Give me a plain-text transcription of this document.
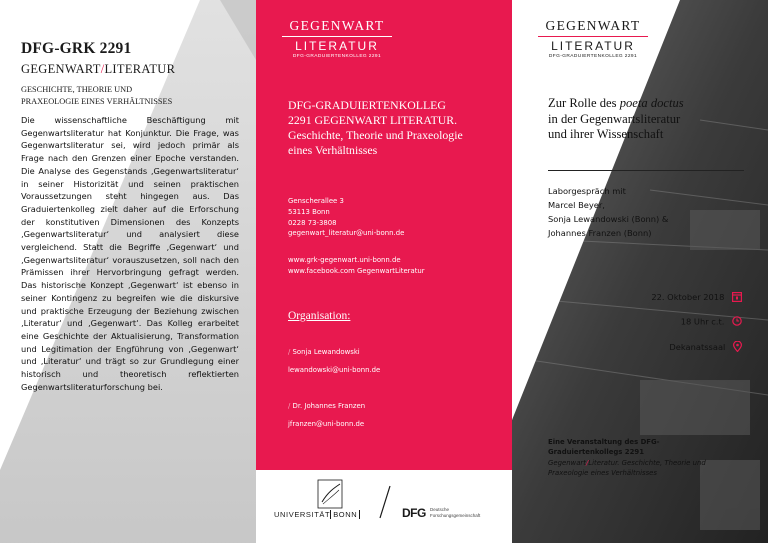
DFG-GRK 2291
GEGENWART/LITERATUR
GESCHICHTE, THEORIE UND
PRAXEOLOGIE EINES VERHÄLTNISSES
Die wissenschaftliche Beschäftigung mit Gegenwartsliteratur hat Konjunktur. Die Frage, was Gegenwartsliteratur sei, wird jedoch primär als Frage nach den Grenzen einer Epoche verstanden. Die Analyse des Gegenstands ‚Gegenwartsliteratur‘ in seiner Historizität und seinen praktischen Voraussetzungen steht hingegen aus. Das Graduiertenkolleg zielt daher auf die Erforschung der konstitutiven Dimensionen des Konzepts ‚Gegenwartsliteratur‘ und analysiert diese vergleichend. Statt die Begriffe ‚Gegenwart‘ und ‚Gegenwartsliteratur‘ vorauszusetzen, soll nach den Prämissen ihrer Hervorbringung gefragt werden. Das historische Konzept ‚Gegenwart‘ ist ebenso in seiner Kontingenz zu begreifen wie die diskursive und praktische Erzeugung der Beziehung zwischen ‚Literatur‘ und ‚Gegenwart‘. Das Kolleg erarbeitet eine Geschichte der Aktualisierung, Transformation und Legitimation der Engführung von ‚Gegenwart‘ und ‚Literatur‘ und trägt so zur Grundlegung einer historisch und theoretisch reflektierten Gegenwartsliteraturforschung bei.
GEGENWART
LITERATUR
DFG-GRADUIERTENKOLLEG 2291
DFG-GRADUIERTENKOLLEG
2291 GEGENWART LITERATUR.
Geschichte, Theorie und Praxeologie
eines Verhältnisses
Genscherallee 3
53113 Bonn
0228 73-3808
gegenwart_literatur@uni-bonn.de
www.grk-gegenwart.uni-bonn.de
www.facebook.com GegenwartLiteratur
Organisation:
/ Sonja Lewandowski
lewandowski@uni-bonn.de
/ Dr. Johannes Franzen
jfranzen@uni-bonn.de
UNIVERSITÄT BONN	DFG Deutsche
Forschungsgemeinschaft
GEGENWART
LITERATUR
DFG-GRADUIERTENKOLLEG 2291
Zur Rolle des poeta doctus
in der Gegenwartsliteratur
und ihrer Wissenschaft
Laborgespräch mit
Marcel Beyer,
Sonja Lewandowski (Bonn) &
Johannes Franzen (Bonn)
22. Oktober 2018
18 Uhr c.t.
Dekanatssaal
Eine Veranstaltung des DFG-
Graduiertenkollegs 2291
Gegenwart/Literatur. Geschichte, Theorie und
Praxeologie eines Verhältnisses
